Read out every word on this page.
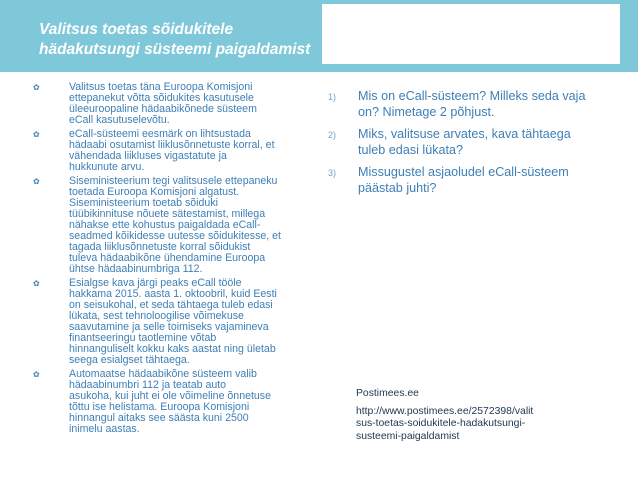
Valitsus toetas sõidukitele
hädakutsungi süsteemi paigaldamist
✿	Valitsus toetas täna Euroopa Komisjoni
ettepanekut võtta sõidukites kasutusele
üleeuroopaline hädaabikõnede süsteem
eCall kasutuselevõtu.
✿	eCall-süsteemi eesmärk on lihtsustada
hädaabi osutamist liiklusõnnetuste korral, et
vähendada liikluses vigastatute ja
hukkunute arvu.
✿	Siseministeerium tegi valitsusele ettepaneku
toetada Euroopa Komisjoni algatust.
Siseministeerium toetab sõiduki
tüübikinnituse nõuete sätestamist, millega
nähakse ette kohustus paigaldada eCall-
seadmed kõikidesse uutesse sõidukitesse, et
tagada liiklusõnnetuste korral sõidukist
tuleva hädaabikõne ühendamine Euroopa
ühtse hädaabinumbriga 112.
✿	Esialgse kava järgi peaks eCall tööle
hakkama 2015. aasta 1. oktoobril, kuid Eesti
on seisukohal, et seda tähtaega tuleb edasi
lükata, sest tehnoloogilise võimekuse
saavutamine ja selle toimiseks vajamineva
finantseeringu taotlemine võtab
hinnanguliselt kokku kaks aastat ning ületab
seega esialgset tähtaega.
✿	Automaatse hädaabikõne süsteem valib
hädaabinumbri 112 ja teatab auto
asukoha, kui juht ei ole võimeline õnnetuse
tõttu ise helistama. Euroopa Komisjoni
hinnangul aitaks see säästa kuni 2500
inimelu aastas.
1) Mis on eCall-süsteem? Milleks seda vaja
on? Nimetage 2 põhjust.
2) Miks, valitsuse arvates, kava tähtaega
tuleb edasi lükata?
3) Missugustel asjaoludel eCall-süsteem
päästab juhti?
Postimees.ee
http://www.postimees.ee/2572398/valit
sus-toetas-soidukitele-hadakutsungi-
susteemi-paigaldamist
